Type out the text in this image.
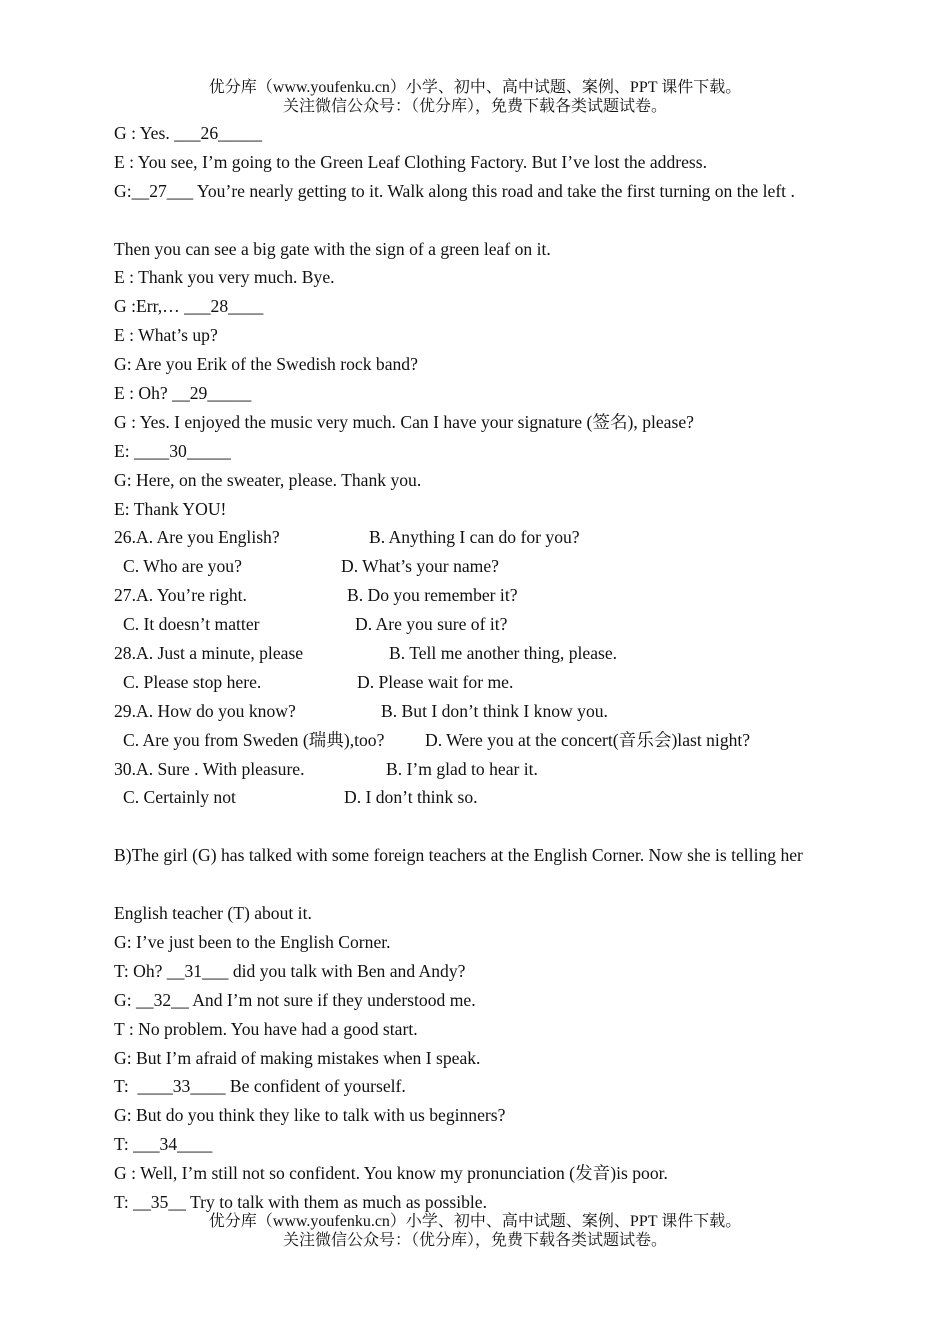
优分库（www.youfenku.cn）小学、初中、高中试题、案例、PPT 课件下载。
关注微信公众号：（优分库），免费下载各类试题试卷。
G : Yes. ___26_____
E : You see, I’m going to the Green Leaf Clothing Factory. But I’ve lost the address.
G:__27___ You’re nearly getting to it. Walk along this road and take the first turning on the left .
Then you can see a big gate with the sign of a green leaf on it.
E : Thank you very much. Bye.
G :Err,… ___28____
E : What’s up?
G: Are you Erik of the Swedish rock band?
E : Oh? __29_____
G : Yes. I enjoyed the music very much. Can I have your signature (签名), please?
E: ____30_____
G: Here, on the sweater, please. Thank you.
E: Thank YOU!

26.A. Are you English?

	B. Anything I can do for you?

C. Who are you?

	D. What’s your name?

27.A. You’re right.

	B. Do you remember it?

C. It doesn’t matter

	D. Are you sure of it?

28.A. Just a minute, please

	B. Tell me another thing, please.

C. Please stop here.

	D. Please wait for me.

29.A. How do you know?

	B. But I don’t think I know you.

C. Are you from Sweden (瑞典),too?

D. Were you at the concert(音乐会)last night?

30.A. Sure . With pleasure.

	B. I’m glad to hear it.

C. Certainly not

	D. I don’t think so.

B)The girl (G) has talked with some foreign teachers at the English Corner. Now she is telling her
English teacher (T) about it.
G: I’ve just been to the English Corner.
T: Oh? __31___ did you talk with Ben and Andy?
G: __32__ And I’m not sure if they understood me.
T : No problem. You have had a good start.
G: But I’m afraid of making mistakes when I speak.
T:  ____33____ Be confident of yourself.
G: But do you think they like to talk with us beginners?
T: ___34____
G : Well, I’m still not so confident. You know my pronunciation (发音)is poor.
T: __35__ Try to talk with them as much as possible.
优分库（www.youfenku.cn）小学、初中、高中试题、案例、PPT 课件下载。
关注微信公众号：（优分库），免费下载各类试题试卷。
